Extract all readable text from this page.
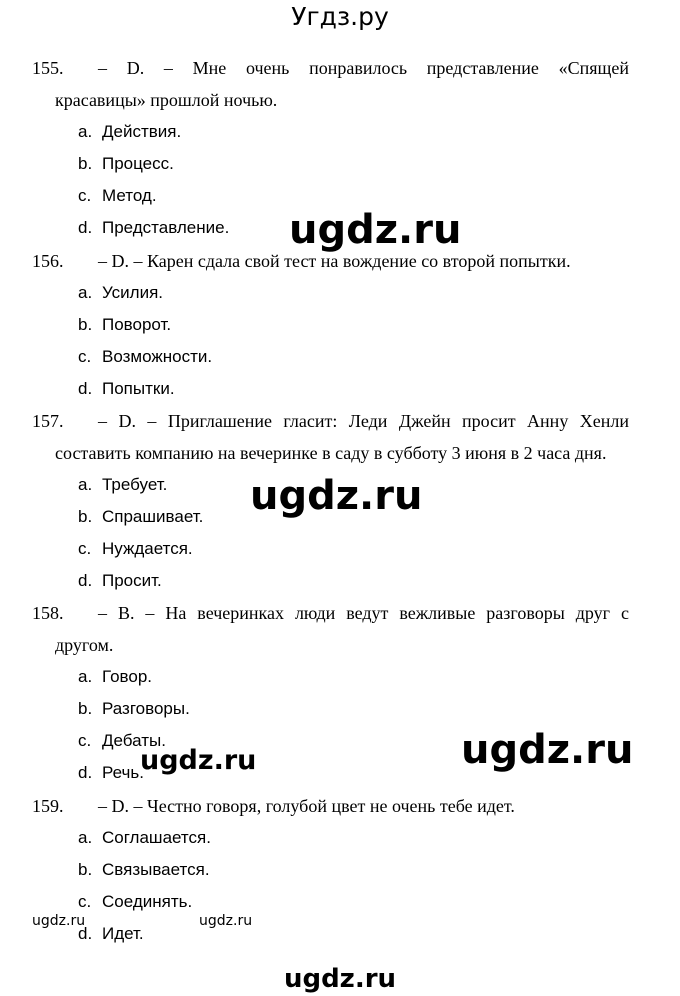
Угдз.ру
155. – D. – Мне очень понравилось представление «Спящей
красавицы» прошлой ночью.
a. Действия.
b. Процесс.
c. Метод.
d. Представление.
156. – D. – Карен сдала свой тест на вождение со второй попытки.
a. Усилия.
b. Поворот.
c. Возможности.
d. Попытки.
157. – D. – Приглашение гласит: Леди Джейн просит Анну Хенли
составить компанию на вечеринке в саду в субботу 3 июня в 2 часа дня.
a. Требует.
b. Спрашивает.
c. Нуждается.
d. Просит.
158. – B. – На вечеринках люди ведут вежливые разговоры друг с
другом.
a. Говор.
b. Разговоры.
c. Дебаты.
d. Речь.
159. – D. – Честно говоря, голубой цвет не очень тебе идет.
a. Соглашается.
b. Связывается.
c. Соединять.
d. Идет.
ugdz.ru
ugdz.ru
ugdz.ru
ugdz.ru
ugdz.ru	ugdz.ru
ugdz.ru
